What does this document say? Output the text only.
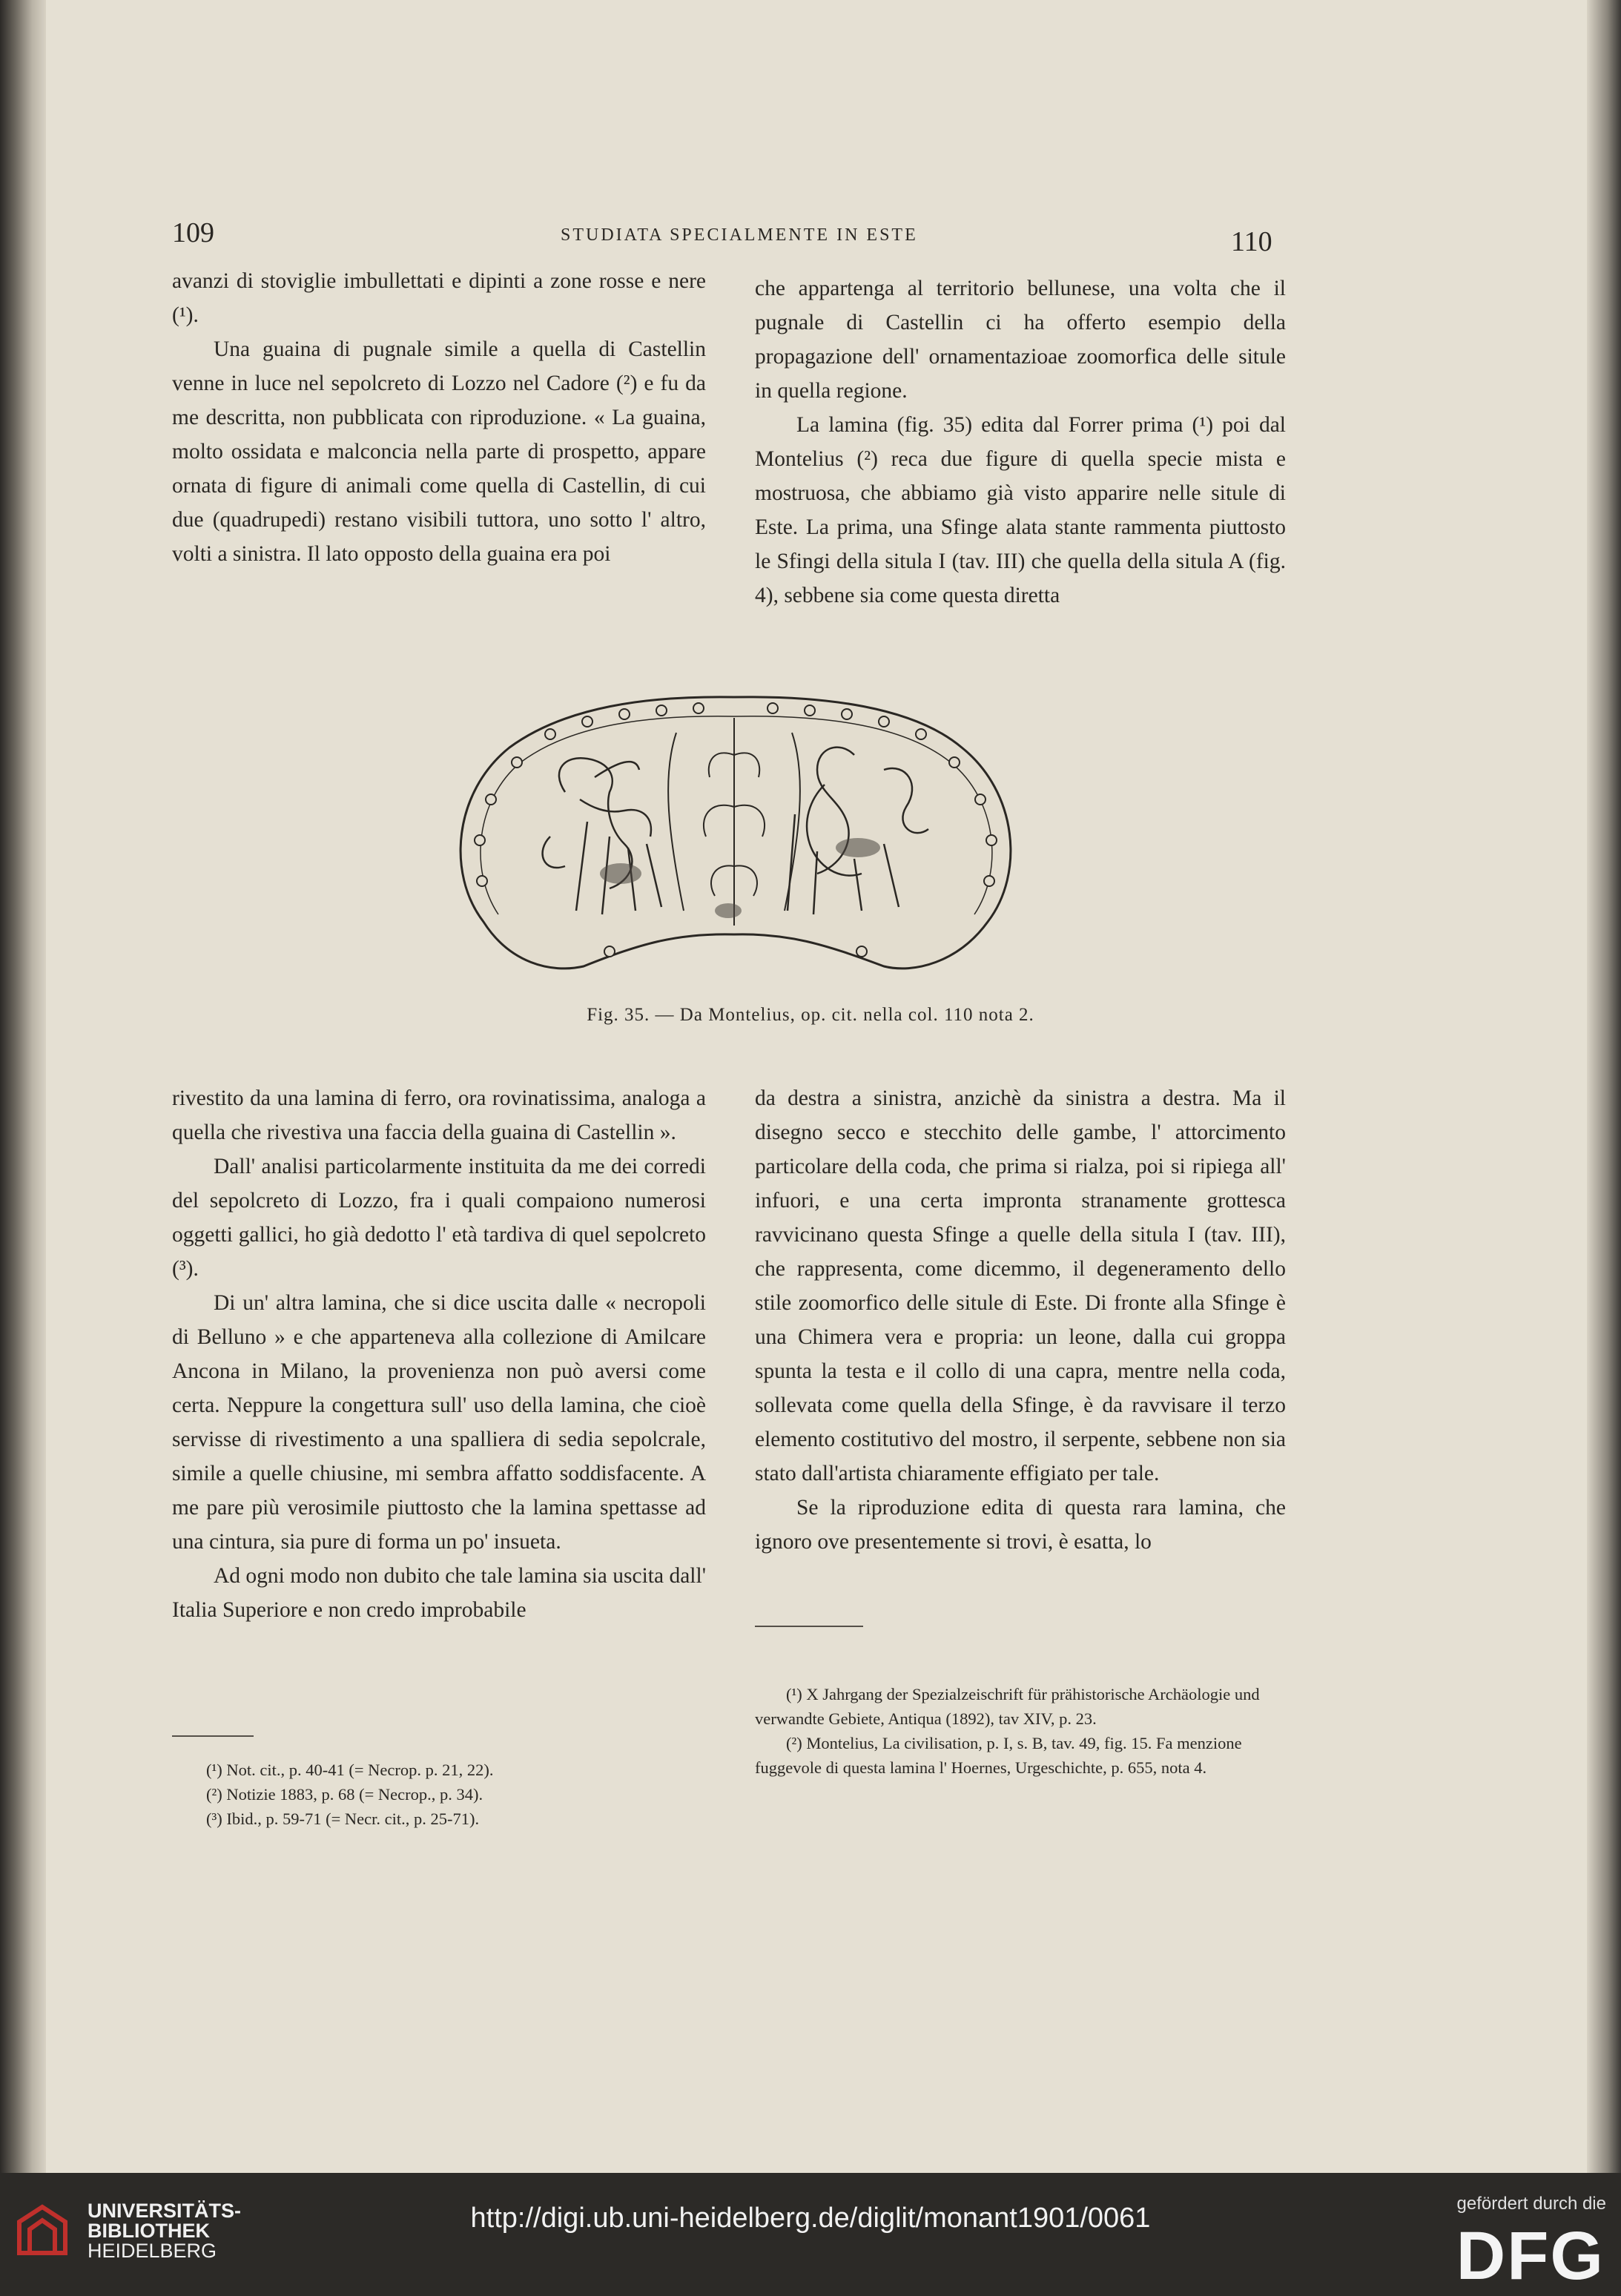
109	STUDIATA SPECIALMENTE IN ESTE	110

avanzi di stoviglie imbullettati e dipinti a zone rosse e nere (¹).

Una guaina di pugnale simile a quella di Castellin venne in luce nel sepolcreto di Lozzo nel Cadore (²) e fu da me descritta, non pubblicata con riproduzione. « La guaina, molto ossidata e malconcia nella parte di prospetto, appare ornata di figure di animali come quella di Castellin, di cui due (quadrupedi) restano visibili tuttora, uno sotto l' altro, volti a sinistra. Il lato opposto della guaina era poi

che appartenga al territorio bellunese, una volta che il pugnale di Castellin ci ha offerto esempio della propagazione dell' ornamentazioae zoomorfica delle situle in quella regione.

La lamina (fig. 35) edita dal Forrer prima (¹) poi dal Montelius (²) reca due figure di quella specie mista e mostruosa, che abbiamo già visto apparire nelle situle di Este. La prima, una Sfinge alata stante rammenta piuttosto le Sfingi della situla I (tav. III) che quella della situla A (fig. 4), sebbene sia come questa diretta

Fig. 35. — Da Montelius, op. cit. nella col. 110 nota 2.

rivestito da una lamina di ferro, ora rovinatissima, analoga a quella che rivestiva una faccia della guaina di Castellin ».

Dall' analisi particolarmente instituita da me dei corredi del sepolcreto di Lozzo, fra i quali compaiono numerosi oggetti gallici, ho già dedotto l' età tardiva di quel sepolcreto (³).

Di un' altra lamina, che si dice uscita dalle « necropoli di Belluno » e che apparteneva alla collezione di Amilcare Ancona in Milano, la provenienza non può aversi come certa. Neppure la congettura sull' uso della lamina, che cioè servisse di rivestimento a una spalliera di sedia sepolcrale, simile a quelle chiusine, mi sembra affatto soddisfacente. A me pare più verosimile piuttosto che la lamina spettasse ad una cintura, sia pure di forma un po' insueta.

Ad ogni modo non dubito che tale lamina sia uscita dall' Italia Superiore e non credo improbabile

da destra a sinistra, anzichè da sinistra a destra. Ma il disegno secco e stecchito delle gambe, l' attorcimento particolare della coda, che prima si rialza, poi si ripiega all' infuori, e una certa impronta stranamente grottesca ravvicinano questa Sfinge a quelle della situla I (tav. III), che rappresenta, come dicemmo, il degeneramento dello stile zoomorfico delle situle di Este. Di fronte alla Sfinge è una Chimera vera e propria: un leone, dalla cui groppa spunta la testa e il collo di una capra, mentre nella coda, sollevata come quella della Sfinge, è da ravvisare il terzo elemento costitutivo del mostro, il serpente, sebbene non sia stato dall'artista chiaramente effigiato per tale.

Se la riproduzione edita di questa rara lamina, che ignoro ove presentemente si trovi, è esatta, lo

(¹) Not. cit., p. 40-41 (= Necrop. p. 21, 22).

(²) Notizie 1883, p. 68 (= Necrop., p. 34).

(³) Ibid., p. 59-71 (= Necr. cit., p. 25-71).

(¹) X Jahrgang der Spezialzeischrift für prähistorische Archäologie und verwandte Gebiete, Antiqua (1892), tav XIV, p. 23.

(²) Montelius, La civilisation, p. I, s. B, tav. 49, fig. 15. Fa menzione fuggevole di questa lamina l' Hoernes, Urgeschichte, p. 655, nota 4.

UNIVERSITÄTS-
BIBLIOTHEK
HEIDELBERG
http://digi.ub.uni-heidelberg.de/diglit/monant1901/0061	gefördert durch die
DFG
